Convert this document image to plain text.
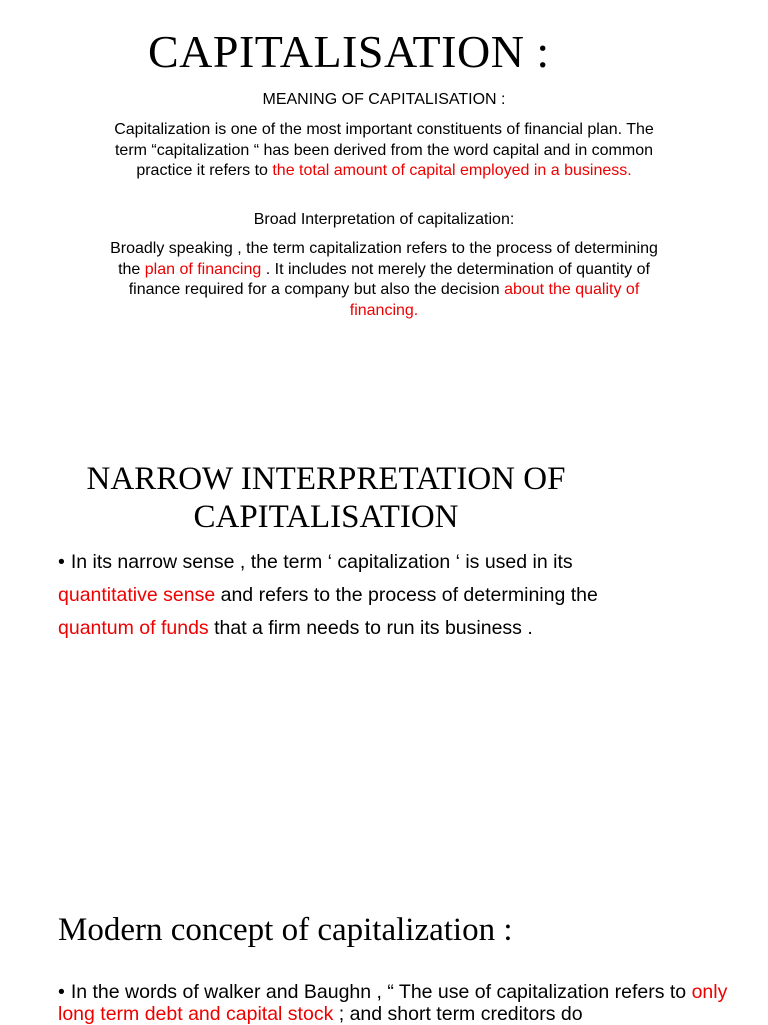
CAPITALISATION :

MEANING OF CAPITALISATION :

Capitalization is one of the most important constituents of financial plan. The term “capitalization “ has been derived from the word capital and in common practice it refers to the total amount of capital employed in a business.

Broad Interpretation of capitalization:

Broadly speaking , the term capitalization refers to the process of determining the plan of financing . It includes not merely the determination of quantity of finance required for a company but also the decision about the quality of financing.

NARROW INTERPRETATION OF
CAPITALISATION

• In its narrow sense , the term ‘ capitalization ‘ is used in its
quantitative sense and refers to the process of determining the
quantum of funds that a firm needs to run its business .

Modern concept of capitalization :

• In the words of walker and Baughn , “ The use of capitalization refers to only long term debt and capital stock ; and short term creditors do
